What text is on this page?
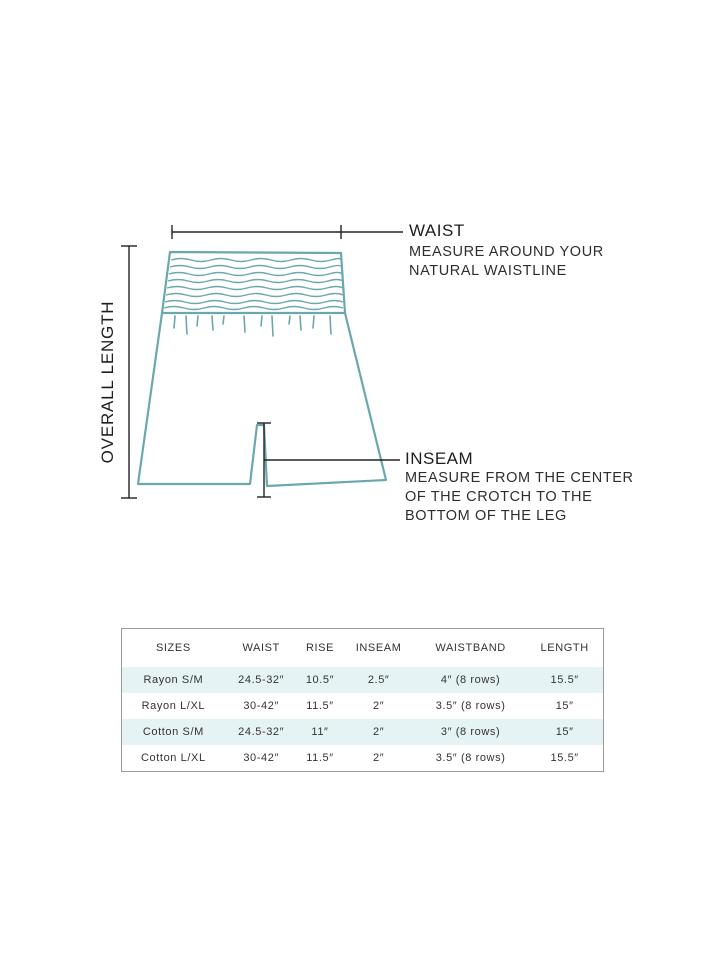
WAIST
MEASURE AROUND YOUR
NATURAL WAISTLINE
INSEAM
MEASURE FROM THE CENTER
OF THE CROTCH TO THE
BOTTOM OF THE LEG
OVERALL LENGTH
SIZES	WAIST	RISE	INSEAM	WAISTBAND	LENGTH
Rayon S/M	24.5-32″	10.5″	2.5″	4″ (8 rows)	15.5″
Rayon L/XL	30-42″	11.5″	2″	3.5″ (8 rows)	15″
Cotton S/M	24.5-32″	11″	2″	3″ (8 rows)	15″
Cotton L/XL	30-42″	11.5″	2″	3.5″ (8 rows)	15.5″
